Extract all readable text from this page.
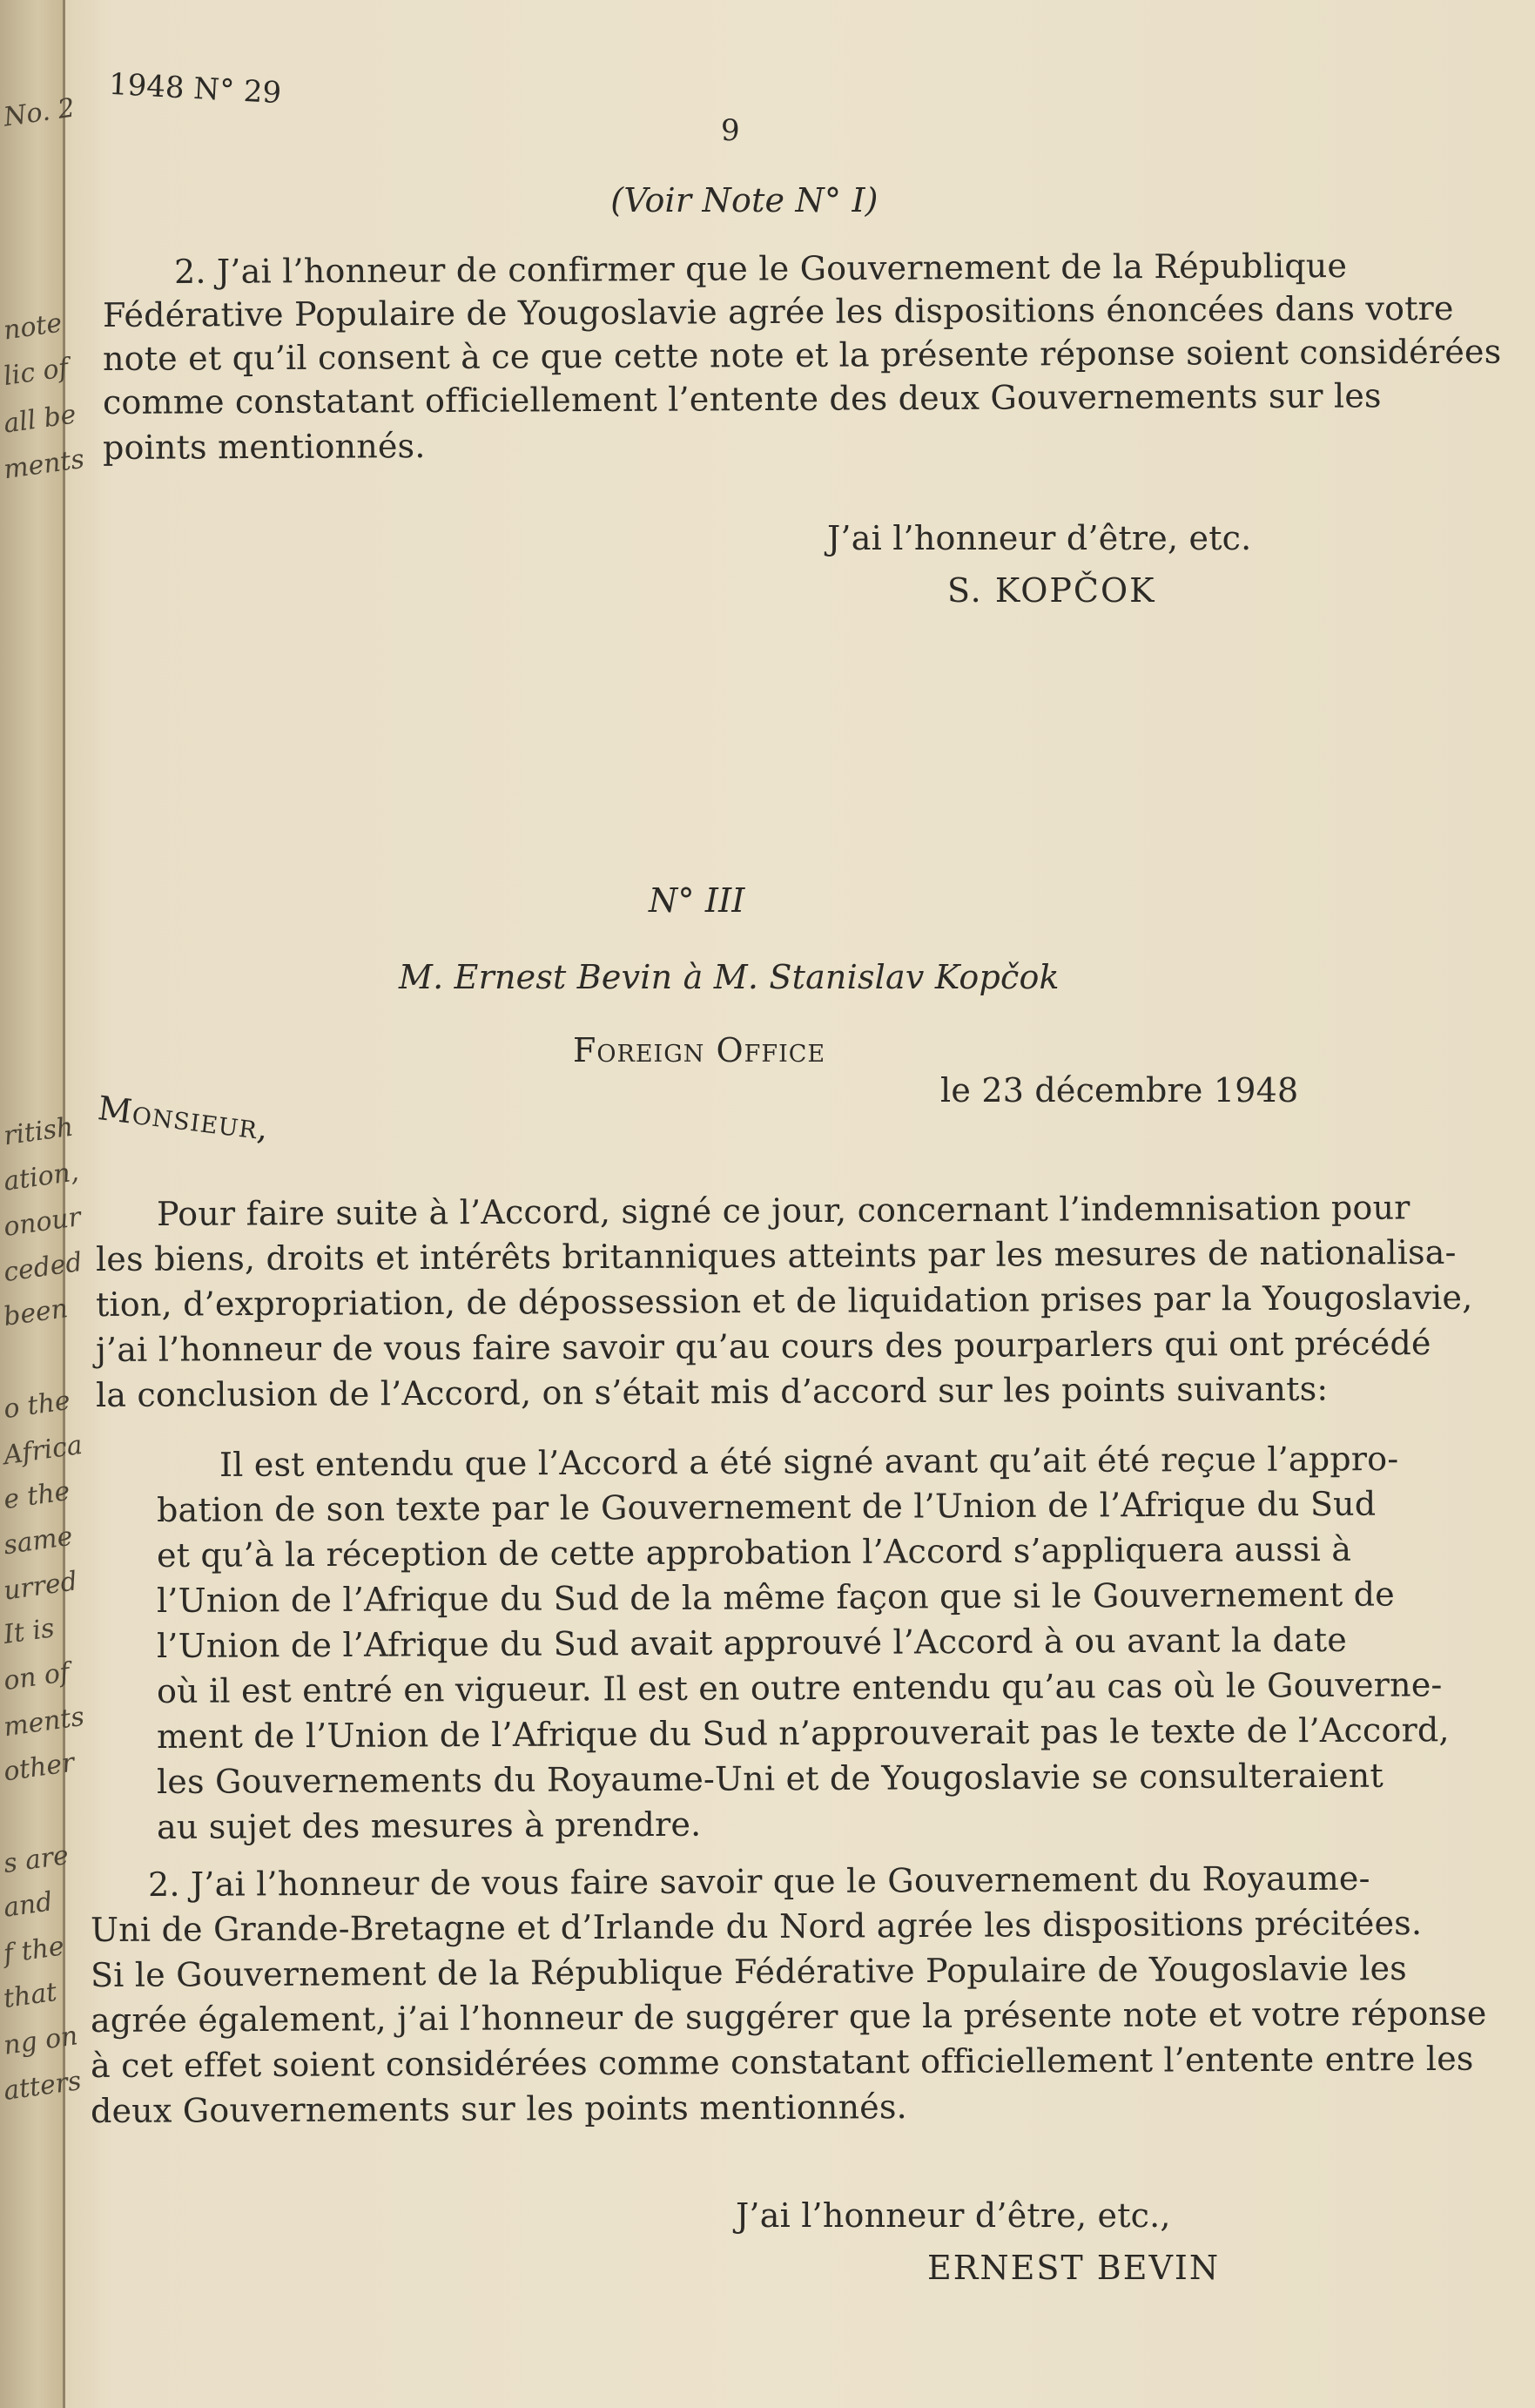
No. 2
note
lic of
all be
ments
ritish
ation,
onour
ceded
been
o the
Africa
e the
same
urred
It is
on of
ments
other
s are
and
f the
that
ng on
atters
1948 N° 29
9
(Voir Note N° I)
2. J’ai l’honneur de confirmer que le Gouvernement de la République
Fédérative Populaire de Yougoslavie agrée les dispositions énoncées dans votre
note et qu’il consent à ce que cette note et la présente réponse soient considérées
comme constatant officiellement l’entente des deux Gouvernements sur les
points mentionnés.
J’ai l’honneur d’être, etc.
S. KOPČOK
N° III
M. Ernest Bevin à M. Stanislav Kopčok
Foreign Office
le 23 décembre 1948
Monsieur,
Pour faire suite à l’Accord, signé ce jour, concernant l’indemnisation pour
les biens, droits et intérêts britanniques atteints par les mesures de nationalisa-
tion, d’expropriation, de dépossession et de liquidation prises par la Yougoslavie,
j’ai l’honneur de vous faire savoir qu’au cours des pourparlers qui ont précédé
la conclusion de l’Accord, on s’était mis d’accord sur les points suivants:
Il est entendu que l’Accord a été signé avant qu’ait été reçue l’appro-
bation de son texte par le Gouvernement de l’Union de l’Afrique du Sud
et qu’à la réception de cette approbation l’Accord s’appliquera aussi à
l’Union de l’Afrique du Sud de la même façon que si le Gouvernement de
l’Union de l’Afrique du Sud avait approuvé l’Accord à ou avant la date
où il est entré en vigueur. Il est en outre entendu qu’au cas où le Gouverne-
ment de l’Union de l’Afrique du Sud n’approuverait pas le texte de l’Accord,
les Gouvernements du Royaume-Uni et de Yougoslavie se consulteraient
au sujet des mesures à prendre.
2. J’ai l’honneur de vous faire savoir que le Gouvernement du Royaume-
Uni de Grande-Bretagne et d’Irlande du Nord agrée les dispositions précitées.
Si le Gouvernement de la République Fédérative Populaire de Yougoslavie les
agrée également, j’ai l’honneur de suggérer que la présente note et votre réponse
à cet effet soient considérées comme constatant officiellement l’entente entre les
deux Gouvernements sur les points mentionnés.
J’ai l’honneur d’être, etc.,
ERNEST BEVIN
